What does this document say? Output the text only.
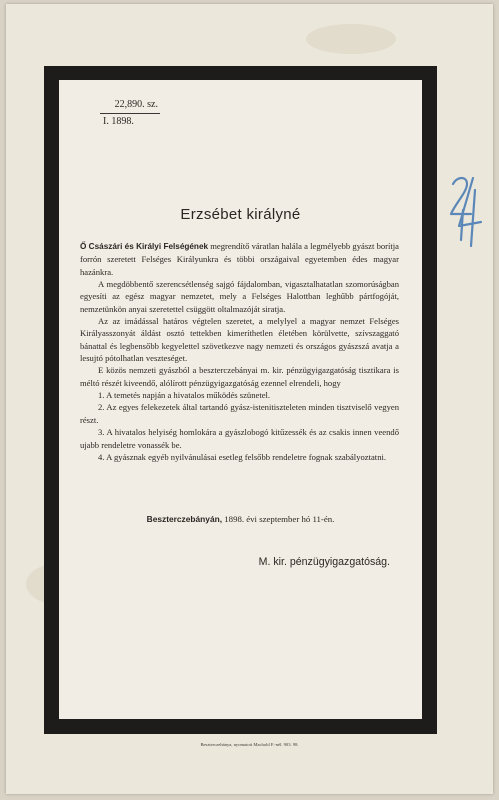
22,890. sz.
I. 1898.
Erzsébet királyné

Ő Császári és Királyi Felségének megrendítő váratlan halála a legmélyebb gyászt borítja forrón szeretett Felséges Királyunkra és többi országaival egyetemben édes magyar hazánkra.

A megdöbbentő szerencsétlenség sajgó fájdalomban, vigasztalhatatlan szomorúságban egyesíti az egész magyar nemzetet, mely a Felséges Halottban leghűbb pártfogóját, nemzetünkön anyai szeretettel csüggött oltalmazóját siratja.

Az az imádással határos végtelen szeretet, a melylyel a magyar nemzet Felséges Királyasszonyát áldást osztó tettekben kimeríthetlen életében körülvette, szívszaggató bánattal és legbensőbb kegyelettel szövetkezve nagy nemzeti és országos gyászszá avatja a lesujtó pótolhatlan veszteséget.

E közös nemzeti gyászból a beszterczebányai m. kir. pénzügyigazgatóság tisztikara is méltó részét kiveendő, alólírott pénzügyigazgatóság ezennel elrendeli, hogy

1. A temetés napján a hivatalos működés szünetel.
2. Az egyes felekezetek által tartandó gyász-istenitiszteleten minden tisztviselő vegyen részt.
3. A hivatalos helyiség homlokára a gyászlobogó kitűzessék és az csakis innen veendő ujabb rendeletre vonassék be.
4. A gyásznak egyéb nyilvánulásai esetleg felsőbb rendeletre fognak szabályoztatni.
Beszterczebányán, 1898. évi szeptember hó 11-én.
M. kir. pénzügyigazgatóság.
Beszterczebánya, nyomatott Machold F.-nél. 903. 98.
